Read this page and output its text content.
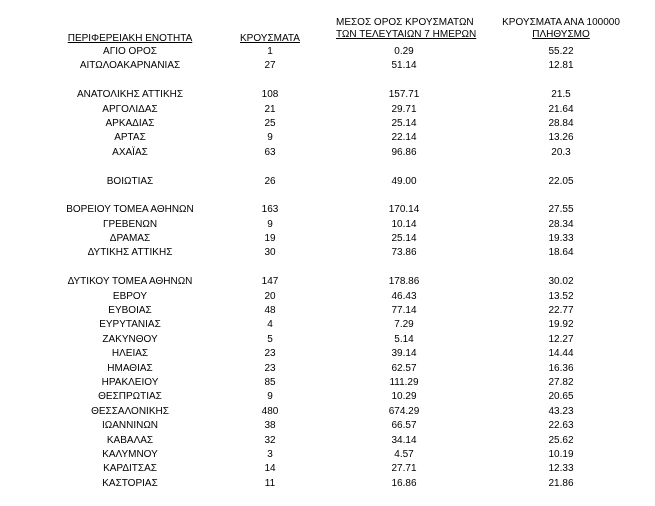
ΠΕΡΙΦΕΡΕΙΑΚΗ ΕΝΟΤΗΤΑ	ΚΡΟΥΣΜΑΤΑ
ΜΕΣΟΣ ΟΡΟΣ ΚΡΟΥΣΜΑΤΩΝ
ΤΩΝ ΤΕΛΕΥΤΑΙΩΝ 7 ΗΜΕΡΩΝ
ΚΡΟΥΣΜΑΤΑ ΑΝΑ 100000
ΠΛΗΘΥΣΜΟ
ΑΓΙΟ ΟΡΟΣ	1	0.29	55.22
ΑΙΤΩΛΟΑΚΑΡΝΑΝΙΑΣ	27	51.14	12.81
ΑΝΑΤΟΛΙΚΗΣ ΑΤΤΙΚΗΣ	108	157.71	21.5
ΑΡΓΟΛΙΔΑΣ	21	29.71	21.64
ΑΡΚΑΔΙΑΣ	25	25.14	28.84
ΑΡΤΑΣ	9	22.14	13.26
ΑΧΑΪΑΣ	63	96.86	20.3
ΒΟΙΩΤΙΑΣ	26	49.00	22.05
ΒΟΡΕΙΟΥ ΤΟΜΕΑ ΑΘΗΝΩΝ	163	170.14	27.55
ΓΡΕΒΕΝΩΝ	9	10.14	28.34
ΔΡΑΜΑΣ	19	25.14	19.33
ΔΥΤΙΚΗΣ ΑΤΤΙΚΗΣ	30	73.86	18.64
ΔΥΤΙΚΟΥ ΤΟΜΕΑ ΑΘΗΝΩΝ	147	178.86	30.02
ΕΒΡΟΥ	20	46.43	13.52
ΕΥΒΟΙΑΣ	48	77.14	22.77
ΕΥΡΥΤΑΝΙΑΣ	4	7.29	19.92
ΖΑΚΥΝΘΟΥ	5	5.14	12.27
ΗΛΕΙΑΣ	23	39.14	14.44
ΗΜΑΘΙΑΣ	23	62.57	16.36
ΗΡΑΚΛΕΙΟΥ	85	111.29	27.82
ΘΕΣΠΡΩΤΙΑΣ	9	10.29	20.65
ΘΕΣΣΑΛΟΝΙΚΗΣ	480	674.29	43.23
ΙΩΑΝΝΙΝΩΝ	38	66.57	22.63
ΚΑΒΑΛΑΣ	32	34.14	25.62
ΚΑΛΥΜΝΟΥ	3	4.57	10.19
ΚΑΡΔΙΤΣΑΣ	14	27.71	12.33
ΚΑΣΤΟΡΙΑΣ	11	16.86	21.86
